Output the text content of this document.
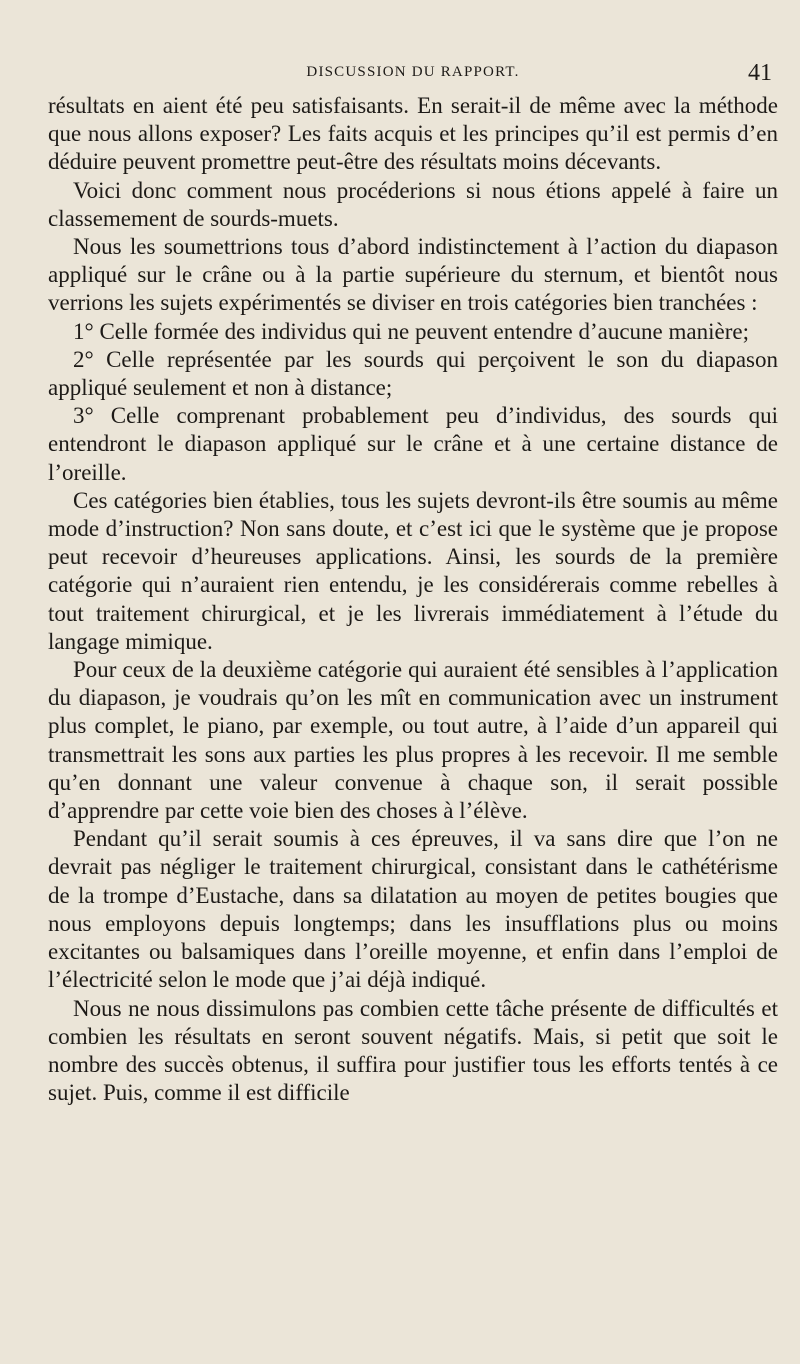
DISCUSSION DU RAPPORT.	41

résultats en aient été peu satisfaisants. En serait-il de même avec la méthode que nous allons exposer? Les faits acquis et les principes qu’il est permis d’en déduire peuvent promettre peut-être des résultats moins décevants.

Voici donc comment nous procéderions si nous étions appelé à faire un classemement de sourds-muets.

Nous les soumettrions tous d’abord indistinctement à l’action du diapason appliqué sur le crâne ou à la partie supérieure du sternum, et bientôt nous verrions les sujets expérimentés se diviser en trois catégories bien tranchées :

1° Celle formée des individus qui ne peuvent entendre d’aucune manière;

2° Celle représentée par les sourds qui perçoivent le son du diapason appliqué seulement et non à distance;

3° Celle comprenant probablement peu d’individus, des sourds qui entendront le diapason appliqué sur le crâne et à une certaine distance de l’oreille.

Ces catégories bien établies, tous les sujets devront-ils être soumis au même mode d’instruction? Non sans doute, et c’est ici que le système que je propose peut recevoir d’heureuses applications. Ainsi, les sourds de la première catégorie qui n’auraient rien entendu, je les considérerais comme rebelles à tout traitement chirurgical, et je les livrerais immédiatement à l’étude du langage mimique.

Pour ceux de la deuxième catégorie qui auraient été sensibles à l’application du diapason, je voudrais qu’on les mît en communication avec un instrument plus complet, le piano, par exemple, ou tout autre, à l’aide d’un appareil qui transmettrait les sons aux parties les plus propres à les recevoir. Il me semble qu’en donnant une valeur convenue à chaque son, il serait possible d’apprendre par cette voie bien des choses à l’élève.

Pendant qu’il serait soumis à ces épreuves, il va sans dire que l’on ne devrait pas négliger le traitement chirurgical, consistant dans le cathétérisme de la trompe d’Eustache, dans sa dilatation au moyen de petites bougies que nous employons depuis longtemps; dans les insufflations plus ou moins excitantes ou balsamiques dans l’oreille moyenne, et enfin dans l’emploi de l’électricité selon le mode que j’ai déjà indiqué.

Nous ne nous dissimulons pas combien cette tâche présente de difficultés et combien les résultats en seront souvent négatifs. Mais, si petit que soit le nombre des succès obtenus, il suffira pour justifier tous les efforts tentés à ce sujet. Puis, comme il est difficile
